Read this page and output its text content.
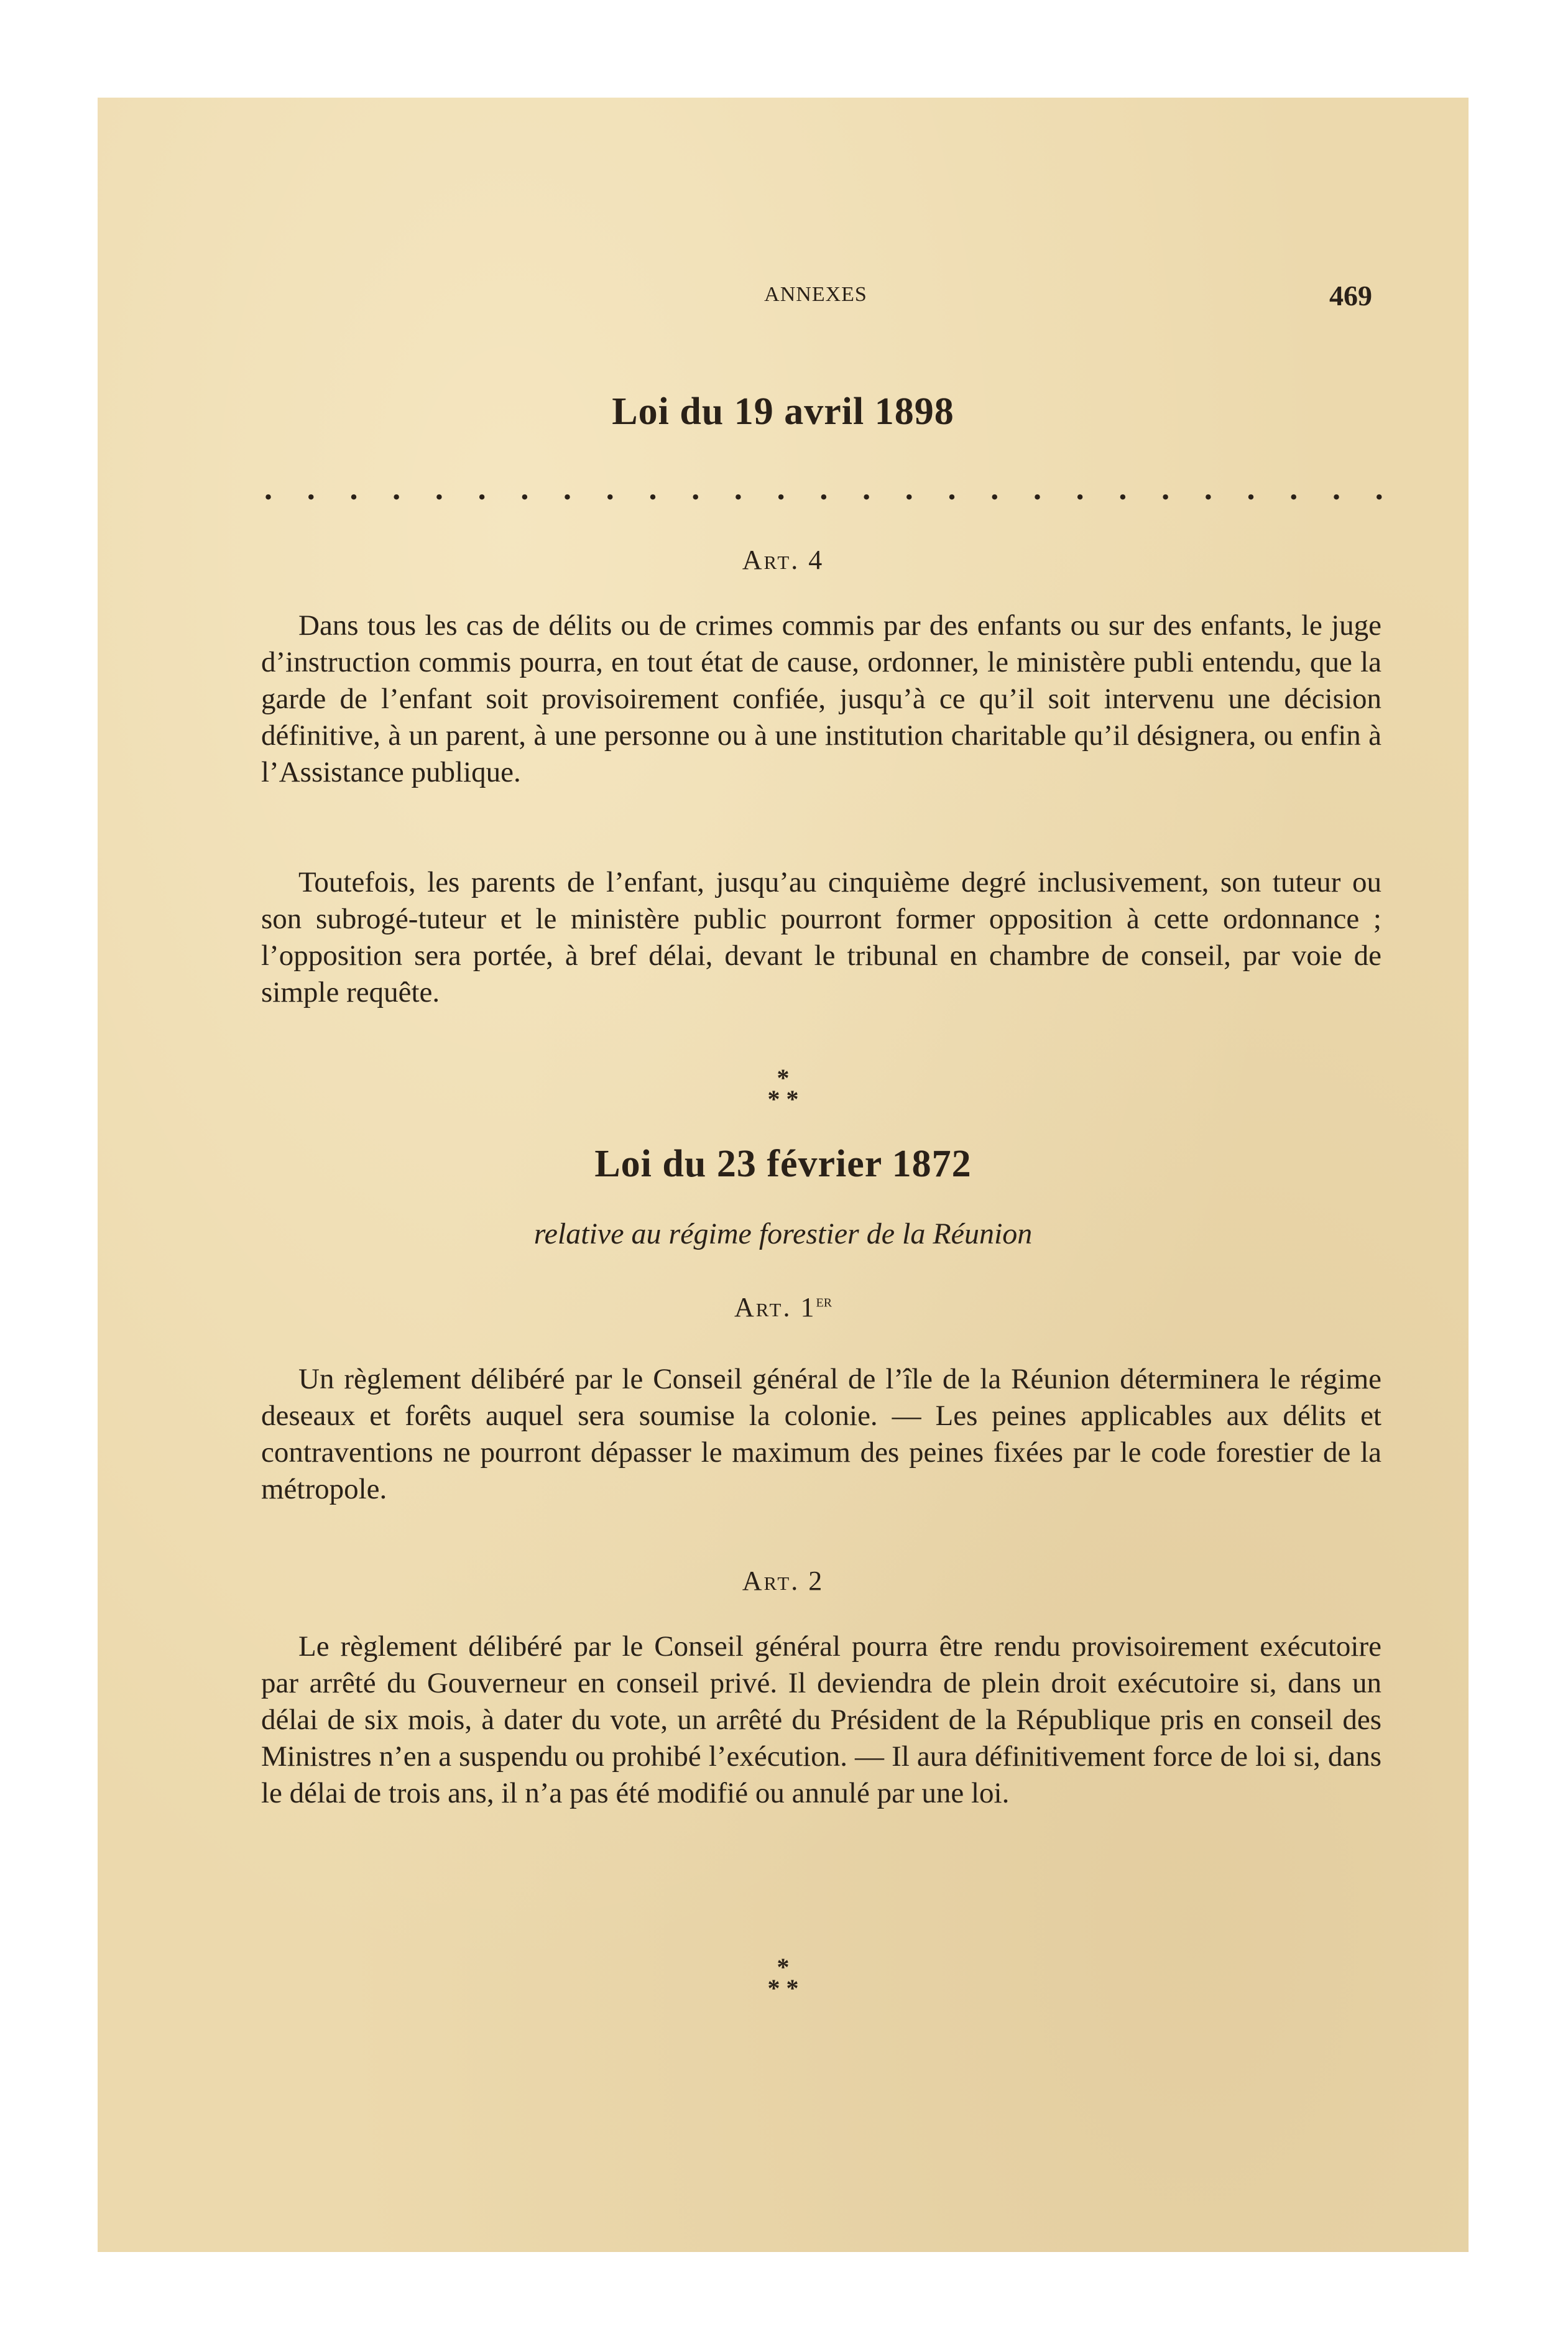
ANNEXES	469
Loi du 19 avril 1898
. . . . . . . . . . . . . . . . . . . . . . . . . . .
Art. 4

Dans tous les cas de délits ou de crimes commis par des enfants ou sur des enfants, le juge d’instruction commis pourra, en tout état de cause, ordonner, le ministère publi entendu, que la garde de l’enfant soit provisoirement confiée, jusqu’à ce qu’il soit intervenu une décision définitive, à un parent, à une personne ou à une institution charitable qu’il désignera, ou enfin à l’Assistance publique.

Toutefois, les parents de l’enfant, jusqu’au cinquième degré inclusivement, son tuteur ou son subrogé-tuteur et le ministère public pourront former opposition à cette ordonnance ; l’opposition sera portée, à bref délai, devant le tribunal en chambre de conseil, par voie de simple requête.

*
* *
Loi du 23 février 1872
relative au régime forestier de la Réunion
Art. 1er

Un règlement délibéré par le Conseil général de l’île de la Réunion déterminera le régime deseaux et forêts auquel sera soumise la colonie. — Les peines applicables aux délits et contraventions ne pourront dépasser le maximum des peines fixées par le code forestier de la métropole.

Art. 2

Le règlement délibéré par le Conseil général pourra être rendu provisoirement exécutoire par arrêté du Gouverneur en conseil privé. Il deviendra de plein droit exécutoire si, dans un délai de six mois, à dater du vote, un arrêté du Président de la République pris en conseil des Ministres n’en a suspendu ou prohibé l’exécution. — Il aura définitivement force de loi si, dans le délai de trois ans, il n’a pas été modifié ou annulé par une loi.

*
* *
